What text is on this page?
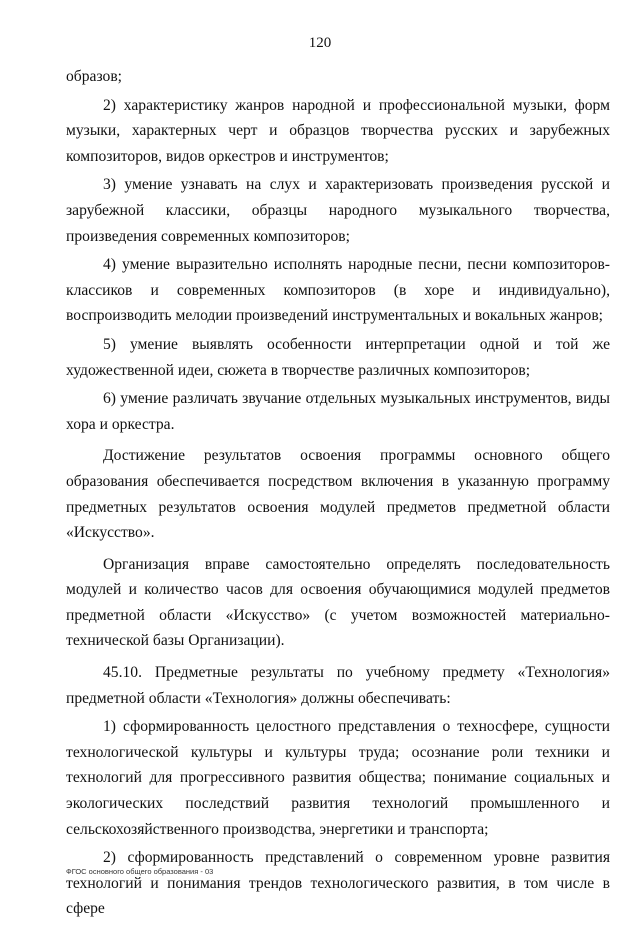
120

образов;

2) характеристику жанров народной и профессиональной музыки, форм музыки, характерных черт и образцов творчества русских и зарубежных композиторов, видов оркестров и инструментов;

3) умение узнавать на слух и характеризовать произведения русской и зарубежной классики, образцы народного музыкального творчества, произведения современных композиторов;

4) умение выразительно исполнять народные песни, песни композиторов-классиков и современных композиторов (в хоре и индивидуально), воспроизводить мелодии произведений инструментальных и вокальных жанров;

5) умение выявлять особенности интерпретации одной и той же художественной идеи, сюжета в творчестве различных композиторов;

6) умение различать звучание отдельных музыкальных инструментов, виды хора и оркестра.

Достижение результатов освоения программы основного общего образования обеспечивается посредством включения в указанную программу предметных результатов освоения модулей предметов предметной области «Искусство».

Организация вправе самостоятельно определять последовательность модулей и количество часов для освоения обучающимися модулей предметов предметной области «Искусство» (с учетом возможностей материально-технической базы Организации).

45.10. Предметные результаты по учебному предмету «Технология» предметной области «Технология» должны обеспечивать:

1) сформированность целостного представления о техносфере, сущности технологической культуры и культуры труда; осознание роли техники и технологий для прогрессивного развития общества; понимание социальных и экологических последствий развития технологий промышленного и сельскохозяйственного производства, энергетики и транспорта;

2) сформированность представлений о современном уровне развития технологий и понимания трендов технологического развития, в том числе в сфере

ФГОС основного общего образования - 03
